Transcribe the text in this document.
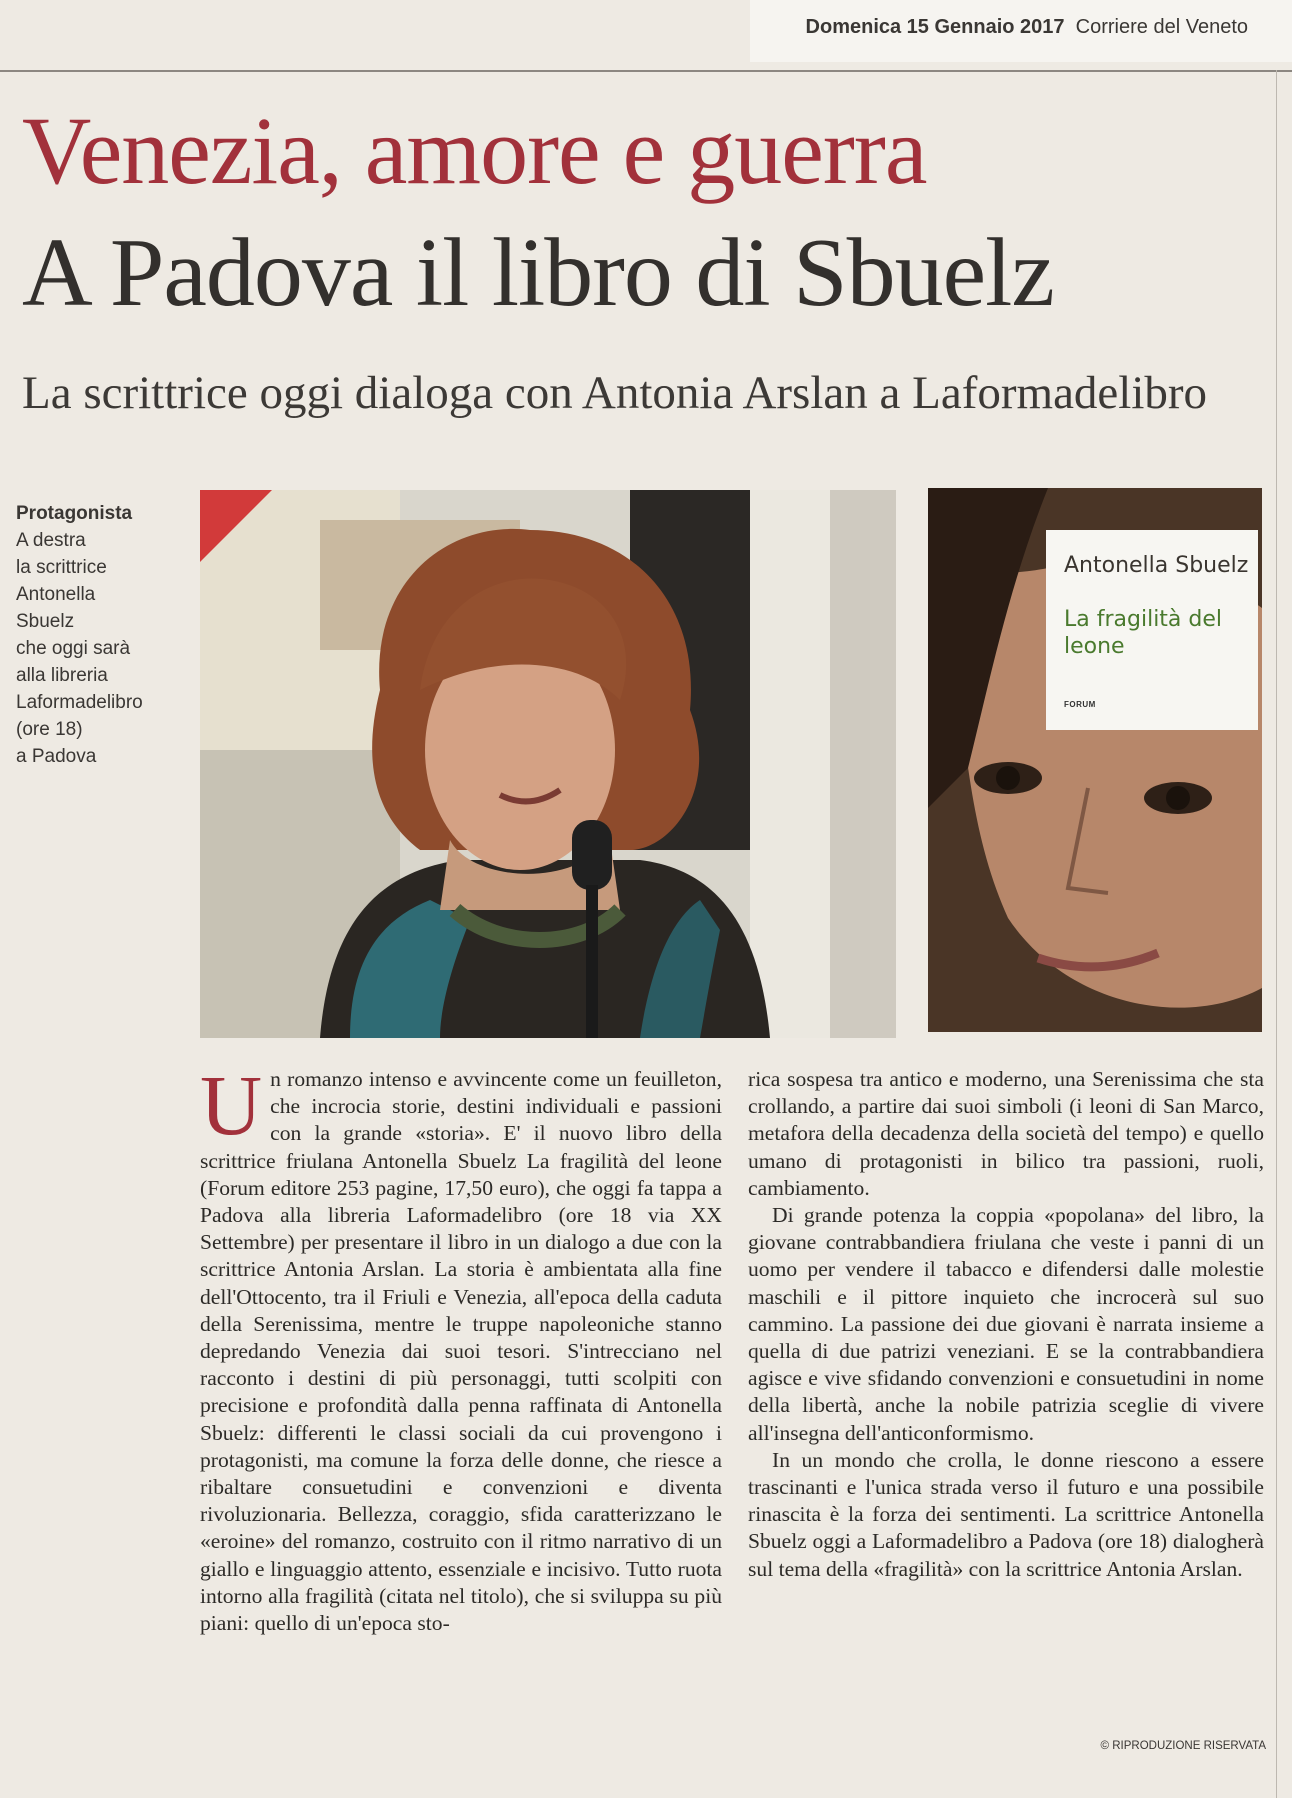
Domenica 15 Gennaio 2017 Corriere del Veneto
Venezia, amore e guerra
A Padova il libro di Sbuelz
La scrittrice oggi dialoga con Antonia Arslan a Laformadelibro
Protagonista
A destra
la scrittrice
Antonella
Sbuelz
che oggi sarà
alla libreria
Laformadelibro
(ore 18)
a Padova
Antonella Sbuelz
La fragilità del leone
FORUM
U n romanzo intenso e avvincente come un feuilleton, che incrocia storie, destini individuali e passioni con la grande «storia». E' il nuovo libro della scrittrice friulana Antonella Sbuelz La fragilità del leone (Forum editore 253 pagine, 17,50 euro), che oggi fa tappa a Padova alla libreria Laformadelibro (ore 18 via XX Settembre) per presentare il libro in un dialogo a due con la scrittrice Antonia Arslan. La storia è ambientata alla fine dell'Ottocento, tra il Friuli e Venezia, all'epoca della caduta della Serenissima, mentre le truppe napoleoniche stanno depredando Venezia dai suoi tesori. S'intrecciano nel racconto i destini di più personaggi, tutti scolpiti con precisione e profondità dalla penna raffinata di Antonella Sbuelz: differenti le classi sociali da cui provengono i protagonisti, ma comune la forza delle donne, che riesce a ribaltare consuetudini e convenzioni e diventa rivoluzionaria. Bellezza, coraggio, sfida caratterizzano le «eroine» del romanzo, costruito con il ritmo narrativo di un giallo e linguaggio attento, essenziale e incisivo. Tutto ruota intorno alla fragilità (citata nel titolo), che si sviluppa su più piani: quello di un'epoca sto-

rica sospesa tra antico e moderno, una Serenissima che sta crollando, a partire dai suoi simboli (i leoni di San Marco, metafora della decadenza della società del tempo) e quello umano di protagonisti in bilico tra passioni, ruoli, cambiamento.

Di grande potenza la coppia «popolana» del libro, la giovane contrabbandiera friulana che veste i panni di un uomo per vendere il tabacco e difendersi dalle molestie maschili e il pittore inquieto che incrocerà sul suo cammino. La passione dei due giovani è narrata insieme a quella di due patrizi veneziani. E se la contrabbandiera agisce e vive sfidando convenzioni e consuetudini in nome della libertà, anche la nobile patrizia sceglie di vivere all'insegna dell'anticonformismo.

In un mondo che crolla, le donne riescono a essere trascinanti e l'unica strada verso il futuro e una possibile rinascita è la forza dei sentimenti. La scrittrice Antonella Sbuelz oggi a Laformadelibro a Padova (ore 18) dialogherà sul tema della «fragilità» con la scrittrice Antonia Arslan.

© RIPRODUZIONE RISERVATA
